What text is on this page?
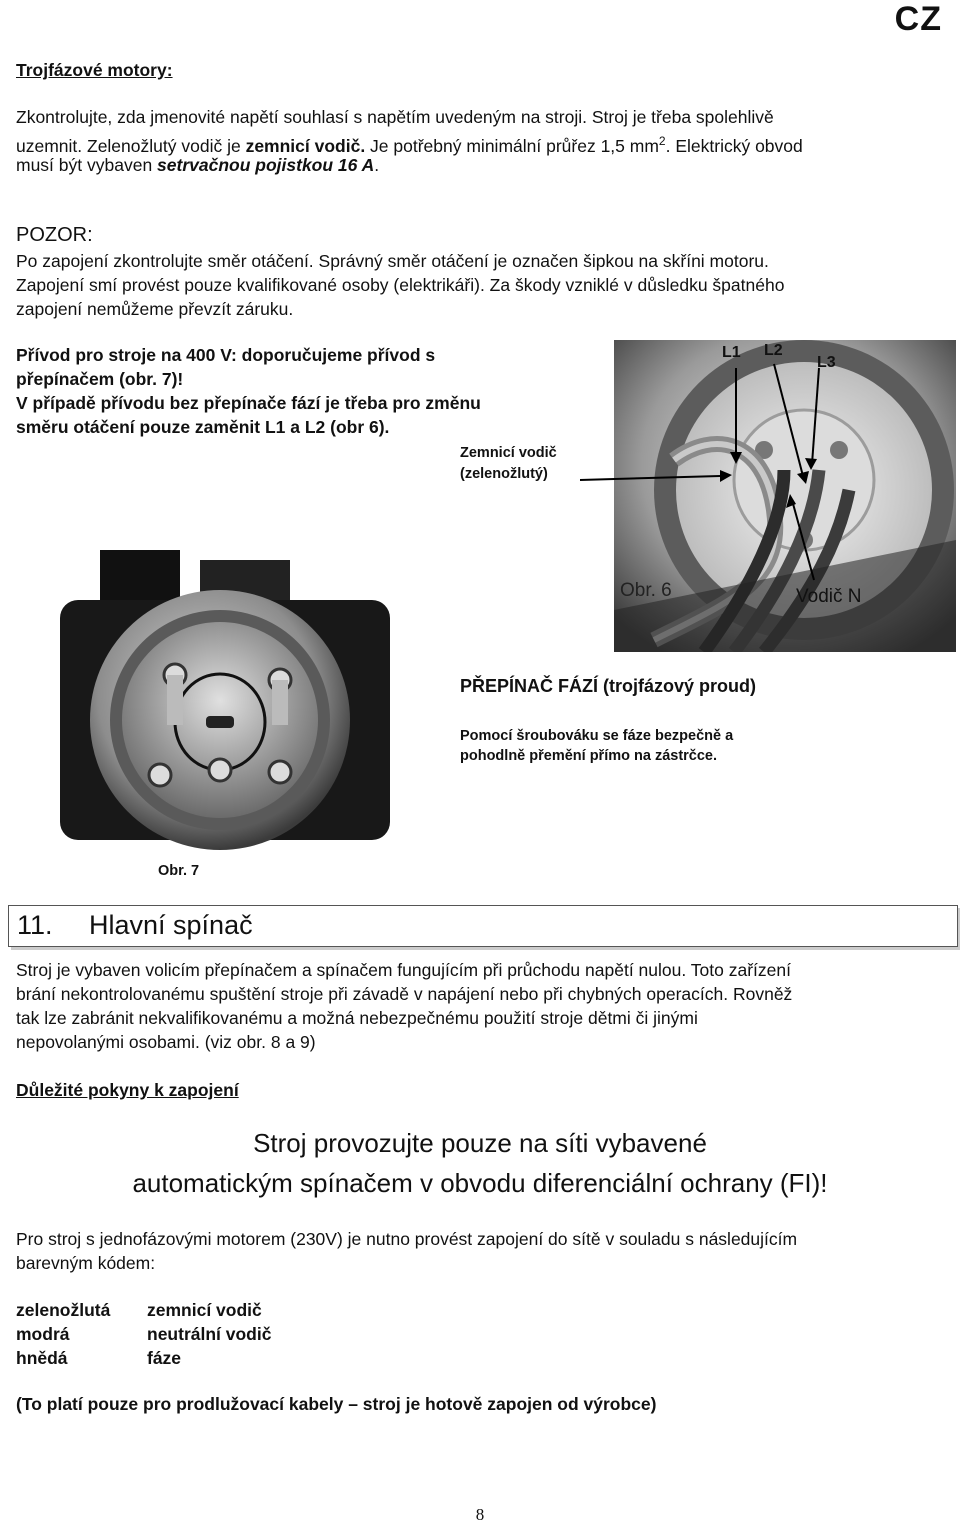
CZ
Trojfázové motory:
Zkontrolujte, zda jmenovité napětí souhlasí s napětím uvedeným na stroji. Stroj je třeba spolehlivě
uzemnit. Zelenožlutý vodič je zemnicí vodič. Je potřebný minimální průřez 1,5 $mm^2$. Elektrický obvod
musí být vybaven setrvačnou pojistkou 16 A.
POZOR:
Po zapojení zkontrolujte směr otáčení. Správný směr otáčení je označen šipkou na skříni motoru.
Zapojení smí provést pouze kvalifikované osoby (elektrikáři). Za škody vzniklé v důsledku špatného
zapojení nemůžeme převzít záruku.
Přívod pro stroje na 400 V: doporučujeme přívod s
přepínačem (obr. 7)!
V případě přívodu bez přepínače fází je třeba pro změnu
směru otáčení pouze zaměnit L1 a L2 (obr 6).
Zemnicí vodič
(zelenožlutý)
L1 L2
L3
Obr. 6	Vodič N
PŘEPÍNAČ FÁZÍ (trojfázový proud)
Pomocí šroubováku se fáze bezpečně a
pohodlně přemění přímo na zástrčce.
Obr. 7
11. Hlavní spínač
Stroj je vybaven volicím přepínačem a spínačem fungujícím při průchodu napětí nulou. Toto zařízení
brání nekontrolovanému spuštění stroje při závadě v napájení nebo při chybných operacích. Rovněž
tak lze zabránit nekvalifikovanému a možná nebezpečnému použití stroje dětmi či jinými
nepovolanými osobami. (viz obr. 8 a 9)
Důležité pokyny k zapojení
Stroj provozujte pouze na síti vybavené
automatickým spínačem v obvodu diferenciální ochrany (FI)!
Pro stroj s jednofázovými motorem (230V) je nutno provést zapojení do sítě v souladu s následujícím
barevným kódem:
zelenožlutá zemnicí vodič
modrá	neutrální vodič
hnědá	fáze
(To platí pouze pro prodlužovací kabely – stroj je hotově zapojen od výrobce)
8
